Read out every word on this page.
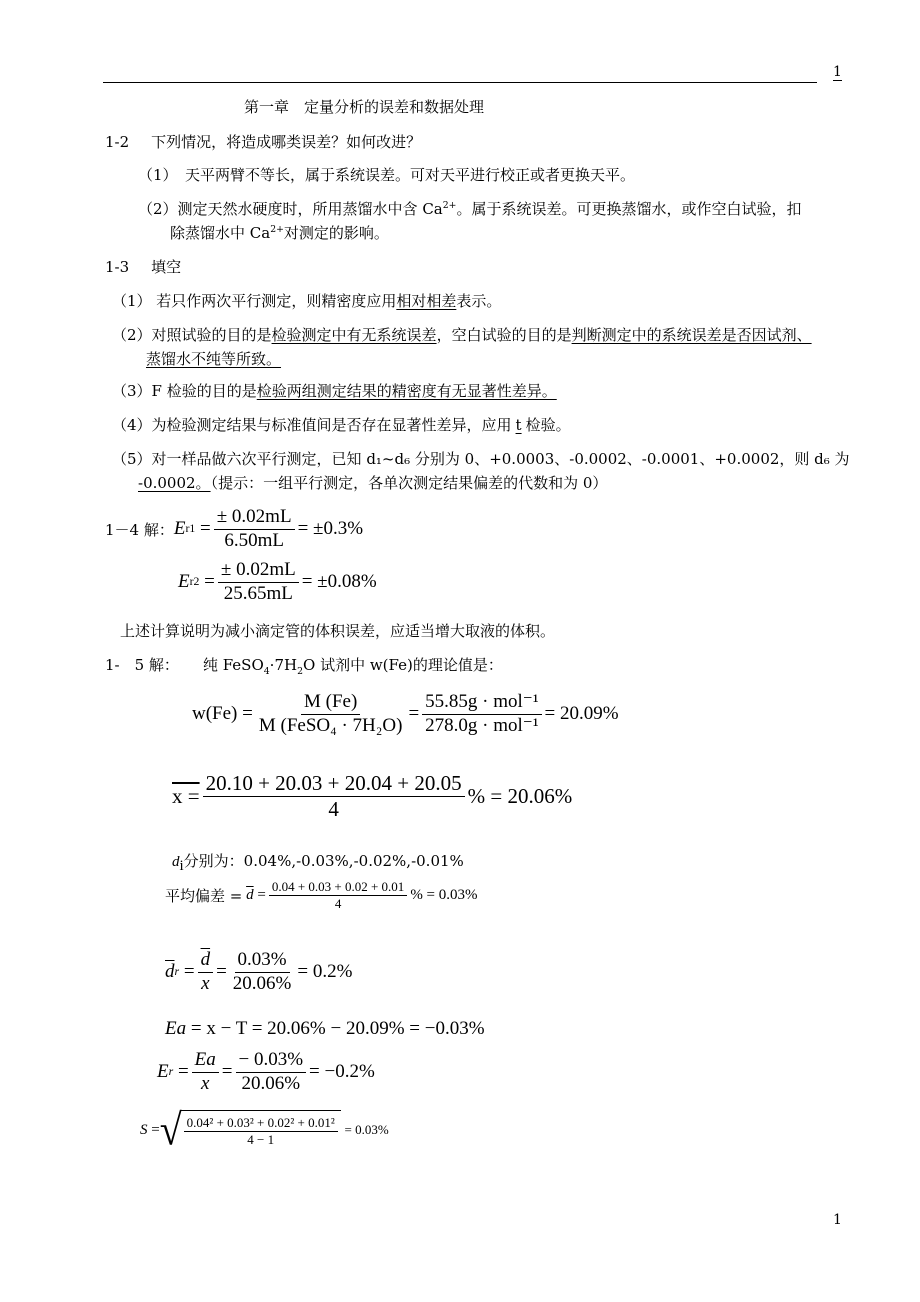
1
第一章　定量分析的误差和数据处理
1-2 下列情况，将造成哪类误差？如何改进？
（1）　天平两臂不等长，属于系统误差。可对天平进行校正或者更换天平。
（2）测定天然水硬度时，所用蒸馏水中含 $Ca^{2+}$。属于系统误差。可更换蒸馏水，或作空白试验，扣
除蒸馏水中 $Ca^{2+}$对测定的影响。
1-3 填空
（1） 若只作两次平行测定，则精密度应用相对相差表示。
（2）对照试验的目的是检验测定中有无系统误差，空白试验的目的是判断测定中的系统误差是否因试剂、
蒸馏水不纯等所致。
（3）F 检验的目的是检验两组测定结果的精密度有无显著性差异。
（4）为检验测定结果与标准值间是否存在显著性差异，应用 t 检验。
（5）对一样品做六次平行测定，已知 d₁~d₆ 分别为 0、+0.0003、-0.0002、-0.0001、+0.0002，则 d₆ 为
-0.0002。（提示：一组平行测定，各单次测定结果偏差的代数和为 0）
1－4 解： E $r1 = \frac{\pm 0.02mL}{6.50mL} = \pm 0.3\%$
E $r2 = \frac{\pm 0.02mL}{25.65mL} = \pm 0.08\%$
上述计算说明为减小滴定管的体积误差，应适当增大取液的体积。
1-　5 解： 纯 $FeSO_4\cdot 7H_2O$ 试剂中 w(Fe)的理论值是：
$w(Fe) = \frac{M (Fe)}{\text{M (FeSO₄ · 7H₂O)}} = \frac{\text{55.85g · mol⁻¹}}{\text{278.0g · mol⁻¹}} = 20.09\%$
$x = \frac{20.10 + 20.03 + 20.04 + 20.05}{4}$ % = 20.06%
$d_i$分别为：0.04%,-0.03%,-0.02%,-0.01%
平均偏差 =
$\overline{d} = \frac{0.04 + 0.03 + 0.02 + 0.01}{4}$ % = 0.03%
$\overline{d}$ $r = \frac{\overline{d}}{x} = \frac{0.03\%}{20.06\%} = 0.2\%$
Ea = x − T = 20.06% − 20.09% = −0.03%
E $r = \frac{Ea}{x} = \frac{- 0.03\%}{20.06\%} = -0.2\%$
S = √ $\frac{\text{0.04² + 0.03² + 0.02² + 0.01²}}{4 - 1}$
= 0.03%
1
